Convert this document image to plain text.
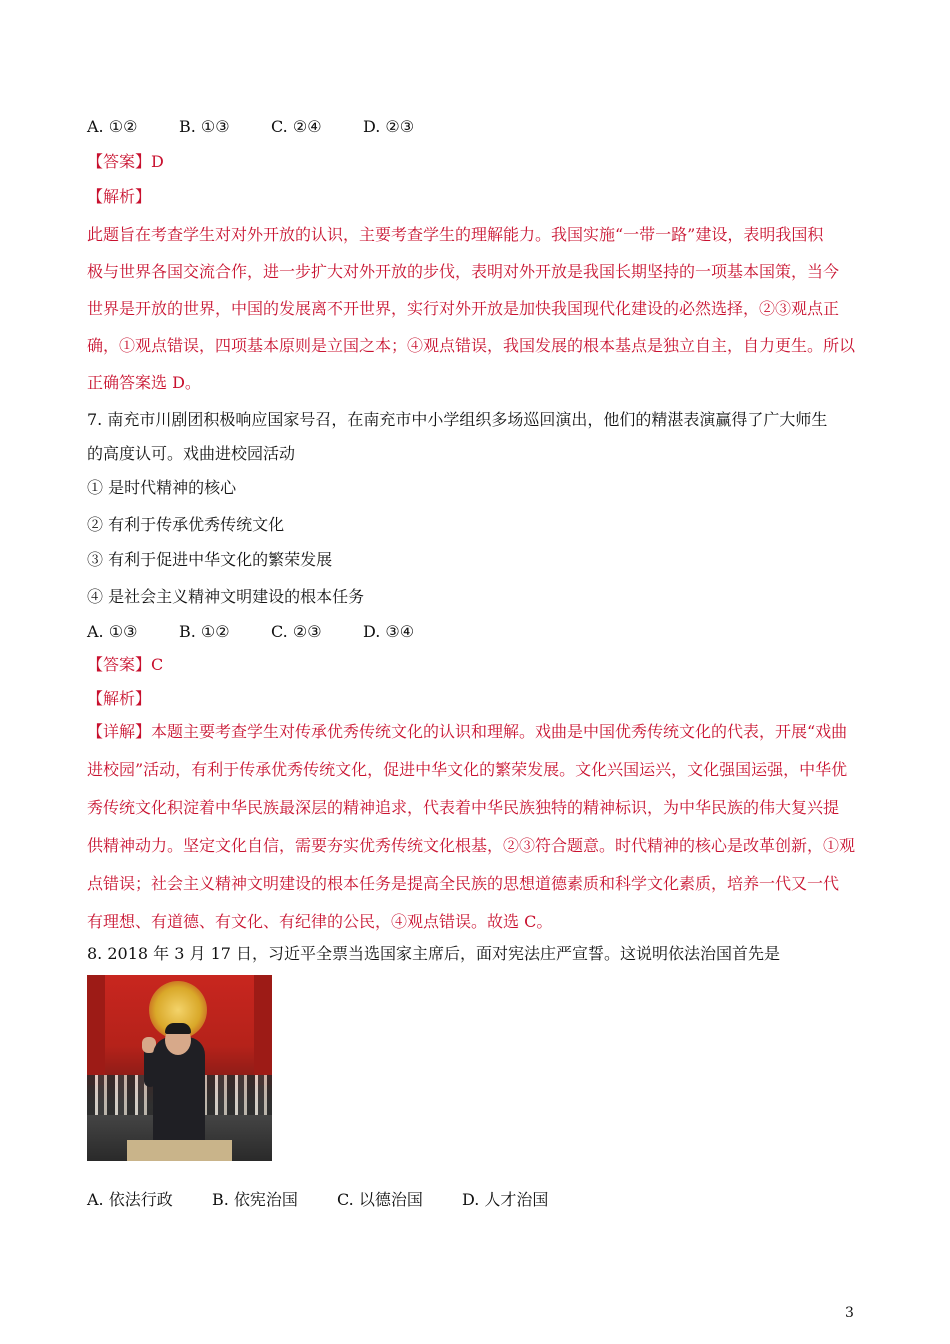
A. ①②	B. ①③	C. ②④	D. ②③
【答案】D
【解析】
此题旨在考查学生对对外开放的认识，主要考查学生的理解能力。我国实施“一带一路”建设，表明我国积
极与世界各国交流合作，进一步扩大对外开放的步伐，表明对外开放是我国长期坚持的一项基本国策，当今
世界是开放的世界，中国的发展离不开世界，实行对外开放是加快我国现代化建设的必然选择，②③观点正
确，①观点错误，四项基本原则是立国之本；④观点错误，我国发展的根本基点是独立自主，自力更生。所以
正确答案选 D。
7. 南充市川剧团积极响应国家号召，在南充市中小学组织多场巡回演出，他们的精湛表演赢得了广大师生
的高度认可。戏曲进校园活动
① 是时代精神的核心
② 有利于传承优秀传统文化
③ 有利于促进中华文化的繁荣发展
④ 是社会主义精神文明建设的根本任务
A. ①③	B. ①②	C. ②③	D. ③④
【答案】C
【解析】
【详解】本题主要考查学生对传承优秀传统文化的认识和理解。戏曲是中国优秀传统文化的代表，开展“戏曲
进校园”活动，有利于传承优秀传统文化，促进中华文化的繁荣发展。文化兴国运兴，文化强国运强，中华优
秀传统文化积淀着中华民族最深层的精神追求，代表着中华民族独特的精神标识，为中华民族的伟大复兴提
供精神动力。坚定文化自信，需要夯实优秀传统文化根基，②③符合题意。时代精神的核心是改革创新，①观
点错误；社会主义精神文明建设的根本任务是提高全民族的思想道德素质和科学文化素质，培养一代又一代
有理想、有道德、有文化、有纪律的公民，④观点错误。故选 C。
8. 2018 年 3 月 17 日，习近平全票当选国家主席后，面对宪法庄严宣誓。这说明依法治国首先是
A. 依法行政 B. 依宪治国 C. 以德治国 D. 人才治国
3
